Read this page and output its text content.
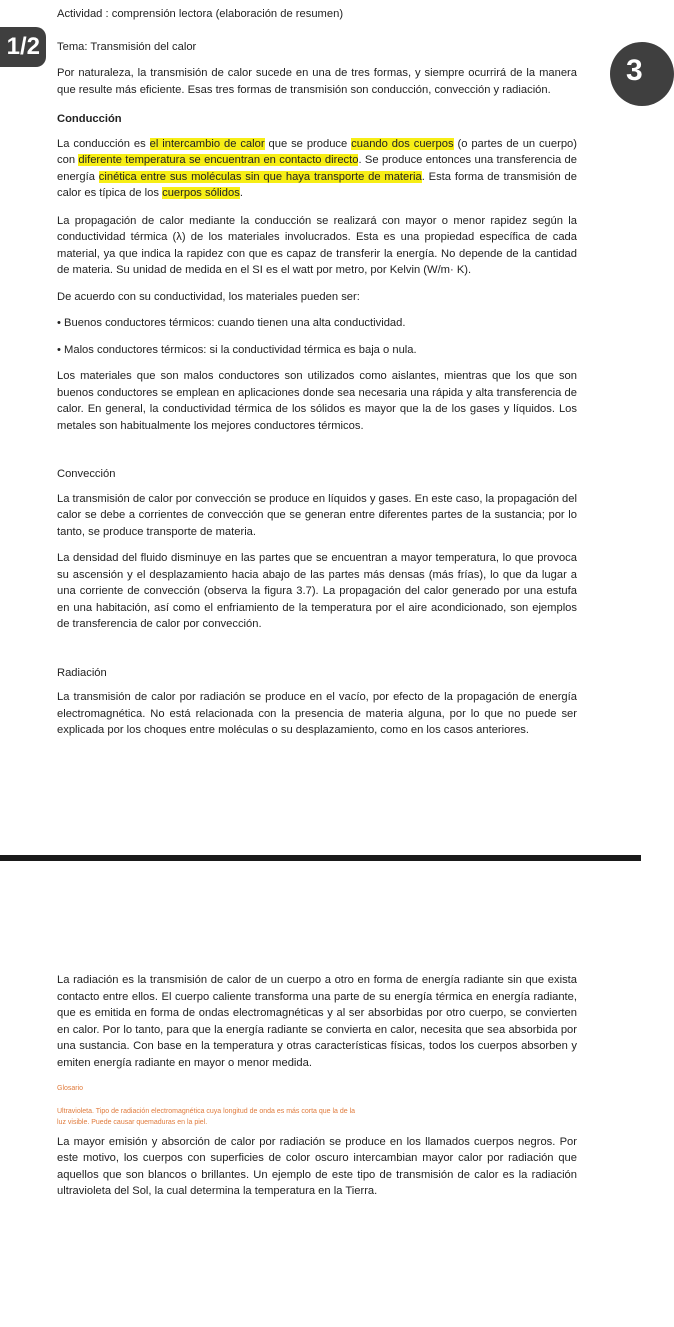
1/2
3

Actividad : comprensión lectora (elaboración de resumen)

Tema: Transmisión del calor

Por naturaleza, la transmisión de calor sucede en una de tres formas, y siempre ocurrirá de la manera que resulte más eficiente. Esas tres formas de transmisión son conducción, convección y radiación.

Conducción

La conducción es el intercambio de calor que se produce cuando dos cuerpos (o partes de un cuerpo) con diferente temperatura se encuentran en contacto directo. Se produce entonces una transferencia de energía cinética entre sus moléculas sin que haya transporte de materia. Esta forma de transmisión de calor es típica de los cuerpos sólidos.

La propagación de calor mediante la conducción se realizará con mayor o menor rapidez según la conductividad térmica (λ) de los materiales involucrados. Esta es una propiedad específica de cada material, ya que indica la rapidez con que es capaz de transferir la energía. No depende de la cantidad de materia. Su unidad de medida en el SI es el watt por metro, por Kelvin (W/m· K).

De acuerdo con su conductividad, los materiales pueden ser:

• Buenos conductores térmicos: cuando tienen una alta conductividad.

• Malos conductores térmicos: si la conductividad térmica es baja o nula.

Los materiales que son malos conductores son utilizados como aislantes, mientras que los que son buenos conductores se emplean en aplicaciones donde sea necesaria una rápida y alta transferencia de calor. En general, la conductividad térmica de los sólidos es mayor que la de los gases y líquidos. Los metales son habitualmente los mejores conductores térmicos.

Convección

La transmisión de calor por convección se produce en líquidos y gases. En este caso, la propagación del calor se debe a corrientes de convección que se generan entre diferentes partes de la sustancia; por lo tanto, se produce transporte de materia.

La densidad del fluido disminuye en las partes que se encuentran a mayor temperatura, lo que provoca su ascensión y el desplazamiento hacia abajo de las partes más densas (más frías), lo que da lugar a una corriente de convección (observa la figura 3.7). La propagación del calor generado por una estufa en una habitación, así como el enfriamiento de la temperatura por el aire acondicionado, son ejemplos de transferencia de calor por convección.

Radiación

La transmisión de calor por radiación se produce en el vacío, por efecto de la propagación de energía electromagnética. No está relacionada con la presencia de materia alguna, por lo que no puede ser explicada por los choques entre moléculas o su desplazamiento, como en los casos anteriores.

La radiación es la transmisión de calor de un cuerpo a otro en forma de energía radiante sin que exista contacto entre ellos. El cuerpo caliente transforma una parte de su energía térmica en energía radiante, que es emitida en forma de ondas electromagnéticas y al ser absorbidas por otro cuerpo, se convierten en calor. Por lo tanto, para que la energía radiante se convierta en calor, necesita que sea absorbida por una sustancia. Con base en la temperatura y otras características físicas, todos los cuerpos absorben y emiten energía radiante en mayor o menor medida.

Glosario

Ultravioleta. Tipo de radiación electromagnética cuya longitud de onda es más corta que la de la
luz visible. Puede causar quemaduras en la piel.

La mayor emisión y absorción de calor por radiación se produce en los llamados cuerpos negros. Por este motivo, los cuerpos con superficies de color oscuro intercambian mayor calor por radiación que aquellos que son blancos o brillantes. Un ejemplo de este tipo de transmisión de calor es la radiación ultravioleta del Sol, la cual determina la temperatura en la Tierra.
